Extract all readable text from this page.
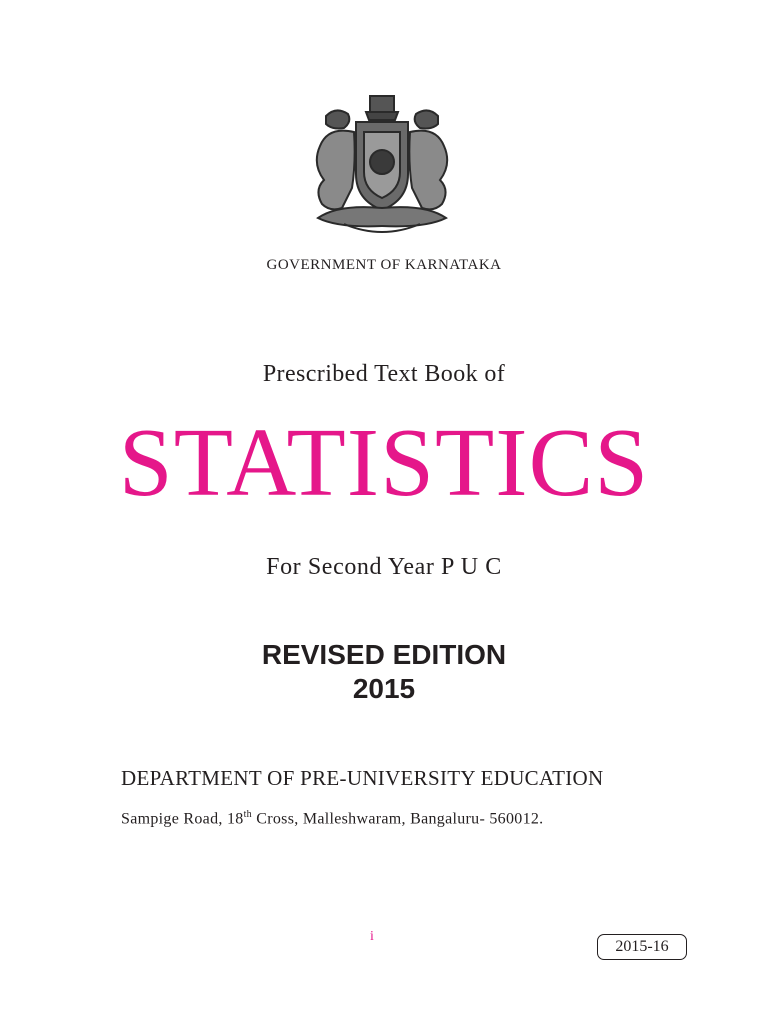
GOVERNMENT OF KARNATAKA
Prescribed Text Book of
STATISTICS
For Second Year P U C
REVISED EDITION
2015
DEPARTMENT OF PRE-UNIVERSITY EDUCATION
Sampige Road, 18th Cross, Malleshwaram, Bangaluru- 560012.
i
2015-16
